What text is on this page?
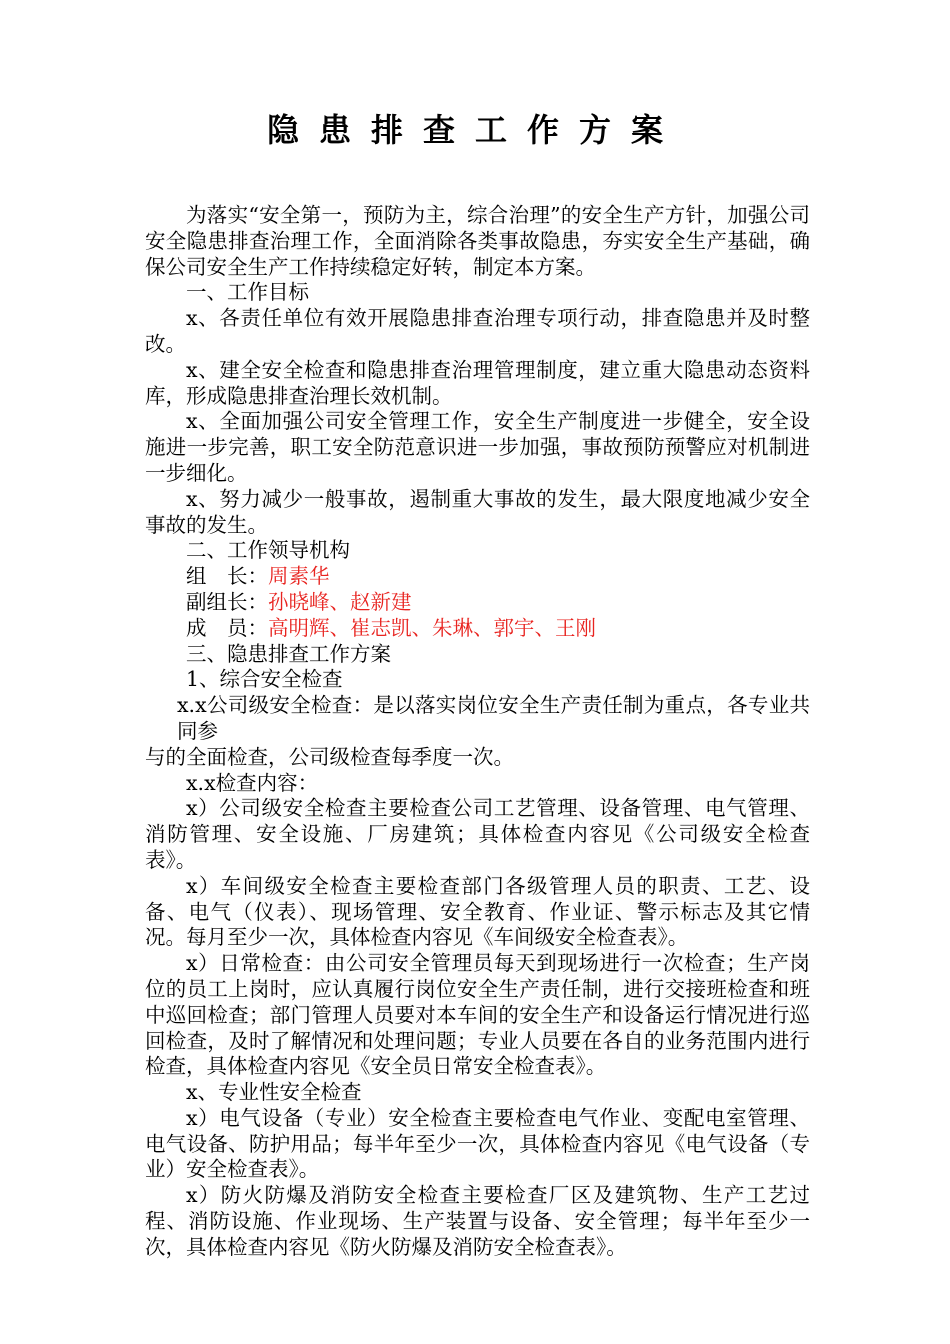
隐患排查工作方案

为落实“安全第一，预防为主，综合治理”的安全生产方针，加强公司安全隐患排查治理工作，全面消除各类事故隐患，夯实安全生产基础，确保公司安全生产工作持续稳定好转，制定本方案。

一、工作目标

x、各责任单位有效开展隐患排查治理专项行动，排查隐患并及时整改。

x、建全安全检查和隐患排查治理管理制度，建立重大隐患动态资料库，形成隐患排查治理长效机制。

x、全面加强公司安全管理工作，安全生产制度进一步健全，安全设施进一步完善，职工安全防范意识进一步加强，事故预防预警应对机制进一步细化。

x、努力减少一般事故，遏制重大事故的发生，最大限度地减少安全事故的发生。

二、工作领导机构

组　长：周素华

副组长：孙晓峰、赵新建

成　员：高明辉、崔志凯、朱琳、郭宇、王刚

三、隐患排查工作方案

1、综合安全检查

x.x公司级安全检查：是以落实岗位安全生产责任制为重点，各专业共同参

与的全面检查，公司级检查每季度一次。

x.x检查内容：

x）公司级安全检查主要检查公司工艺管理、设备管理、电气管理、消防管理、安全设施、厂房建筑；具体检查内容见《公司级安全检查表》。

x）车间级安全检查主要检查部门各级管理人员的职责、工艺、设备、电气（仪表）、现场管理、安全教育、作业证、警示标志及其它情况。每月至少一次，具体检查内容见《车间级安全检查表》。

x）日常检查：由公司安全管理员每天到现场进行一次检查；生产岗位的员工上岗时，应认真履行岗位安全生产责任制，进行交接班检查和班中巡回检查；部门管理人员要对本车间的安全生产和设备运行情况进行巡回检查，及时了解情况和处理问题；专业人员要在各自的业务范围内进行检查，具体检查内容见《安全员日常安全检查表》。

x、专业性安全检查

x）电气设备（专业）安全检查主要检查电气作业、变配电室管理、电气设备、防护用品；每半年至少一次，具体检查内容见《电气设备（专业）安全检查表》。

x）防火防爆及消防安全检查主要检查厂区及建筑物、生产工艺过程、消防设施、作业现场、生产装置与设备、安全管理；每半年至少一次，具体检查内容见《防火防爆及消防安全检查表》。
